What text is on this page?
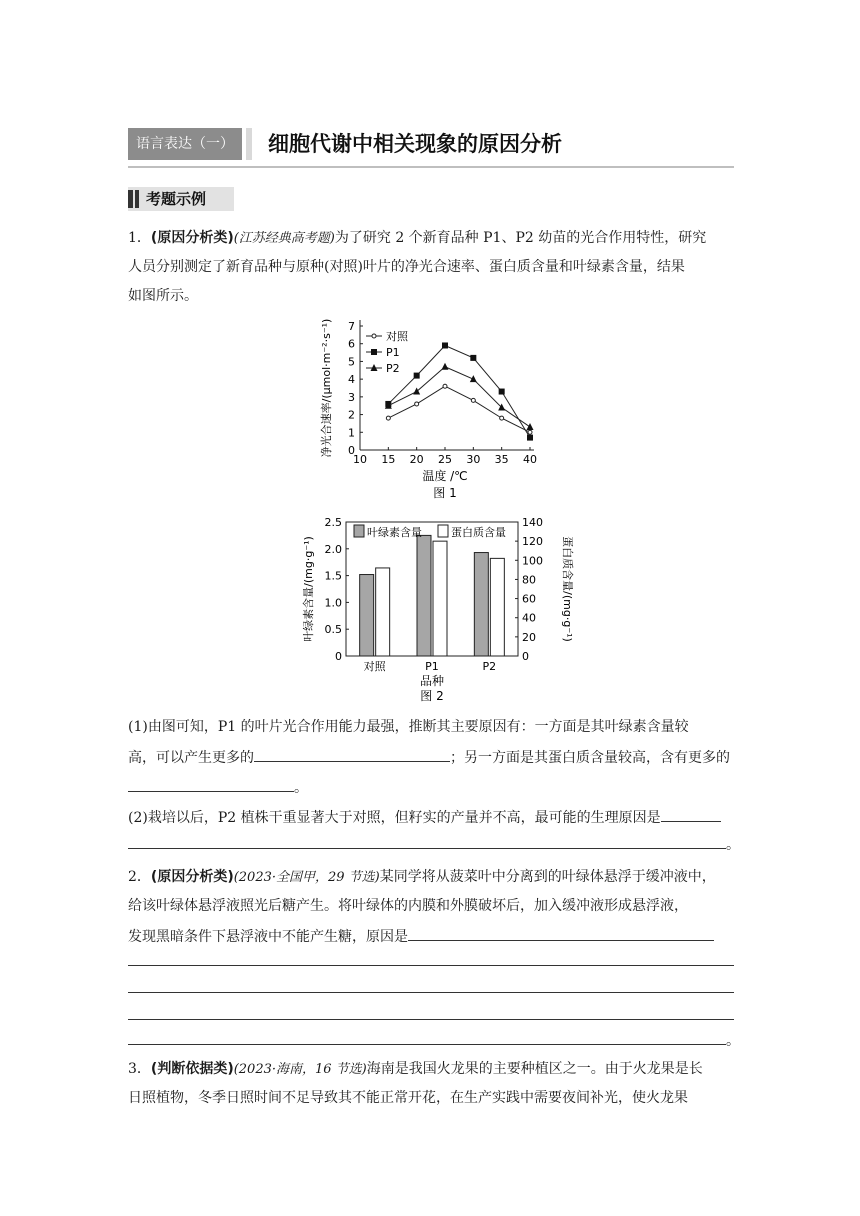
语言表达（一）	细胞代谢中相关现象的原因分析
考题示例
1．(原因分析类)(江苏经典高考题)为了研究 2 个新育品种 P1、P2 幼苗的光合作用特性，研究
人员分别测定了新育品种与原种(对照)叶片的净光合速率、蛋白质含量和叶绿素含量，结果
如图所示。
10 15 20 25 30 35 40
0
1
2
3
4
5
6
7
温度 /℃
图 1
净光合速率/(μmol·m⁻²·s⁻¹)	对照
P1
P2
0
0.5
1.0
1.5
2.0
2.5
0
20
40
60
80
100
120
140
对照	P1	P2
品种
图 2
叶绿素含量/(mg·g⁻¹)	蛋白质含量/(mg·g⁻¹)
叶绿素含量	蛋白质含量
(1)由图可知，P1 的叶片光合作用能力最强，推断其主要原因有：一方面是其叶绿素含量较
高，可以产生更多的	；另一方面是其蛋白质含量较高，含有更多的
。
(2)栽培以后，P2 植株干重显著大于对照，但籽实的产量并不高，最可能的生理原因是
。
2．(原因分析类)(2023·全国甲，29 节选)某同学将从菠菜叶中分离到的叶绿体悬浮于缓冲液中，
给该叶绿体悬浮液照光后糖产生。将叶绿体的内膜和外膜破坏后，加入缓冲液形成悬浮液，
发现黑暗条件下悬浮液中不能产生糖，原因是
。
3．(判断依据类)(2023·海南，16 节选)海南是我国火龙果的主要种植区之一。由于火龙果是长
日照植物，冬季日照时间不足导致其不能正常开花，在生产实践中需要夜间补光，使火龙果
